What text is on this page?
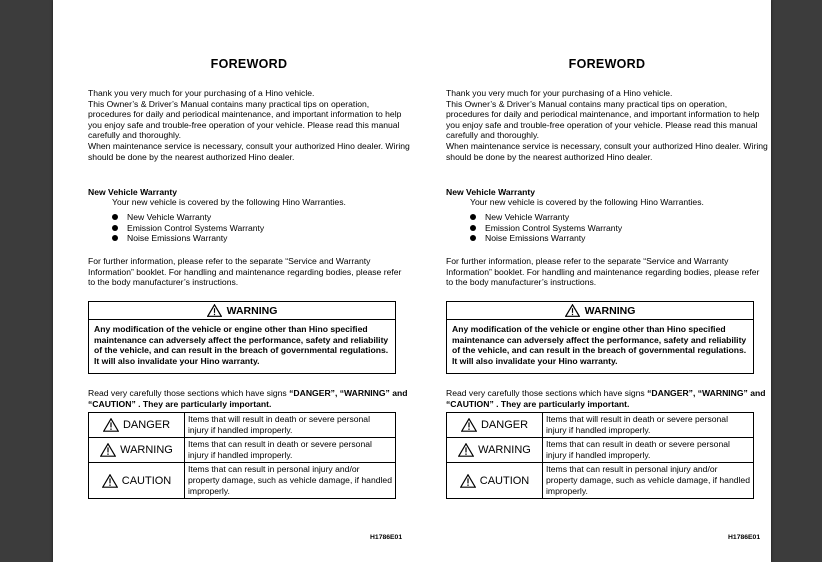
FOREWORD

Thank you very much for your purchasing of a Hino vehicle.

This Owner’s & Driver’s Manual contains many practical tips on operation, procedures for daily and periodical maintenance, and important information to help you enjoy safe and trouble-free operation of your vehicle. Please read this manual carefully and thoroughly.

When maintenance service is necessary, consult your authorized Hino dealer. Wiring should be done by the nearest authorized Hino dealer.

New Vehicle Warranty
Your new vehicle is covered by the following Hino Warranties.
New Vehicle Warranty
Emission Control Systems Warranty
Noise Emissions Warranty
For further information, please refer to the separate “Service and Warranty Information” booklet. For handling and maintenance regarding bodies, please refer to the body manufacturer’s instructions.
WARNING
Any modification of the vehicle or engine other than Hino specified maintenance can adversely affect the performance, safety and reliability of the vehicle, and can result in the breach of governmental regulations. It will also invalidate your Hino warranty.
Read very carefully those sections which have signs “DANGER”, “WARNING” and “CAUTION” . They are particularly important.
DANGER	Items that will result in death or severe personal injury if handled improperly.

WARNING	Items that can result in death or severe personal injury if handled improperly.

CAUTION	Items that can result in personal injury and/or property damage, such as vehicle damage, if handled improperly.
H1786E01
FOREWORD

Thank you very much for your purchasing of a Hino vehicle.

This Owner’s & Driver’s Manual contains many practical tips on operation, procedures for daily and periodical maintenance, and important information to help you enjoy safe and trouble-free operation of your vehicle. Please read this manual carefully and thoroughly.

When maintenance service is necessary, consult your authorized Hino dealer. Wiring should be done by the nearest authorized Hino dealer.

New Vehicle Warranty
Your new vehicle is covered by the following Hino Warranties.
New Vehicle Warranty
Emission Control Systems Warranty
Noise Emissions Warranty
For further information, please refer to the separate “Service and Warranty Information” booklet. For handling and maintenance regarding bodies, please refer to the body manufacturer’s instructions.
WARNING
Any modification of the vehicle or engine other than Hino specified maintenance can adversely affect the performance, safety and reliability of the vehicle, and can result in the breach of governmental regulations. It will also invalidate your Hino warranty.
Read very carefully those sections which have signs “DANGER”, “WARNING” and “CAUTION” . They are particularly important.
DANGER	Items that will result in death or severe personal injury if handled improperly.

WARNING	Items that can result in death or severe personal injury if handled improperly.

CAUTION	Items that can result in personal injury and/or property damage, such as vehicle damage, if handled improperly.
H1786E01
